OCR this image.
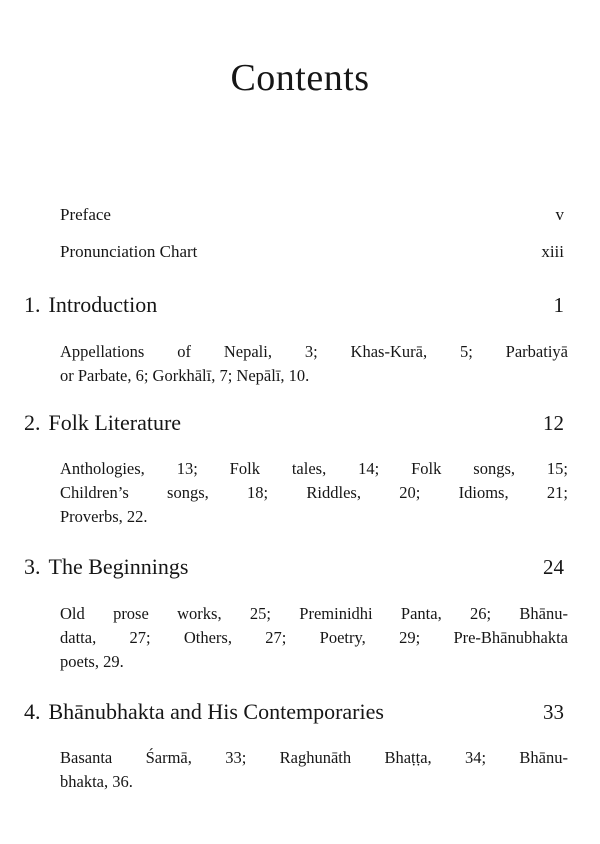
Contents
Preface	v
Pronunciation Chart	xiii
1. Introduction	1

Appellations of Nepali, 3; Khas-Kurā, 5; Parbatiyā
or Parbate, 6; Gorkhālī, 7; Nepālī, 10.

2. Folk Literature	12

Anthologies, 13; Folk tales, 14; Folk songs, 15;
Children’s songs, 18; Riddles, 20; Idioms, 21;
Proverbs, 22.

3. The Beginnings	24

Old prose works, 25; Preminidhi Panta, 26; Bhānu-
datta, 27; Others, 27; Poetry, 29; Pre-Bhānubhakta
poets, 29.

4. Bhānubhakta and His Contemporaries	33

Basanta Śarmā, 33; Raghunāth Bhaṭṭa, 34; Bhānu-
bhakta, 36.
